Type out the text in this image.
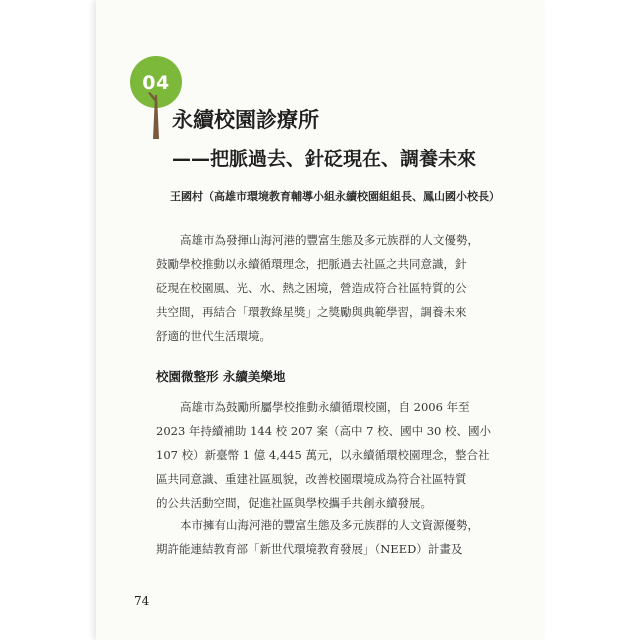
04
永續校園診療所
——把脈過去、針砭現在、調養未來

王國村（高雄市環境教育輔導小組永續校園組組長、鳳山國小校長）

高雄市為發揮山海河港的豐富生態及多元族群的人文優勢，
鼓勵學校推動以永續循環理念，把脈過去社區之共同意識，針
砭現在校園風、光、水、熱之困境，營造成符合社區特質的公
共空間，再結合「環教綠星獎」之獎勵與典範學習，調養未來
舒適的世代生活環境。

校園微整形 永續美樂地

高雄市為鼓勵所屬學校推動永續循環校園，自 2006 年至
2023 年持續補助 144 校 207 案（高中 7 校、國中 30 校、國小
107 校）新臺幣 1 億 4,445 萬元，以永續循環校園理念，整合社
區共同意識、重建社區風貌，改善校園環境成為符合社區特質
的公共活動空間，促進社區與學校攜手共創永續發展。

本市擁有山海河港的豐富生態及多元族群的人文資源優勢，
期許能連結教育部「新世代環境教育發展」（NEED）計畫及

74
